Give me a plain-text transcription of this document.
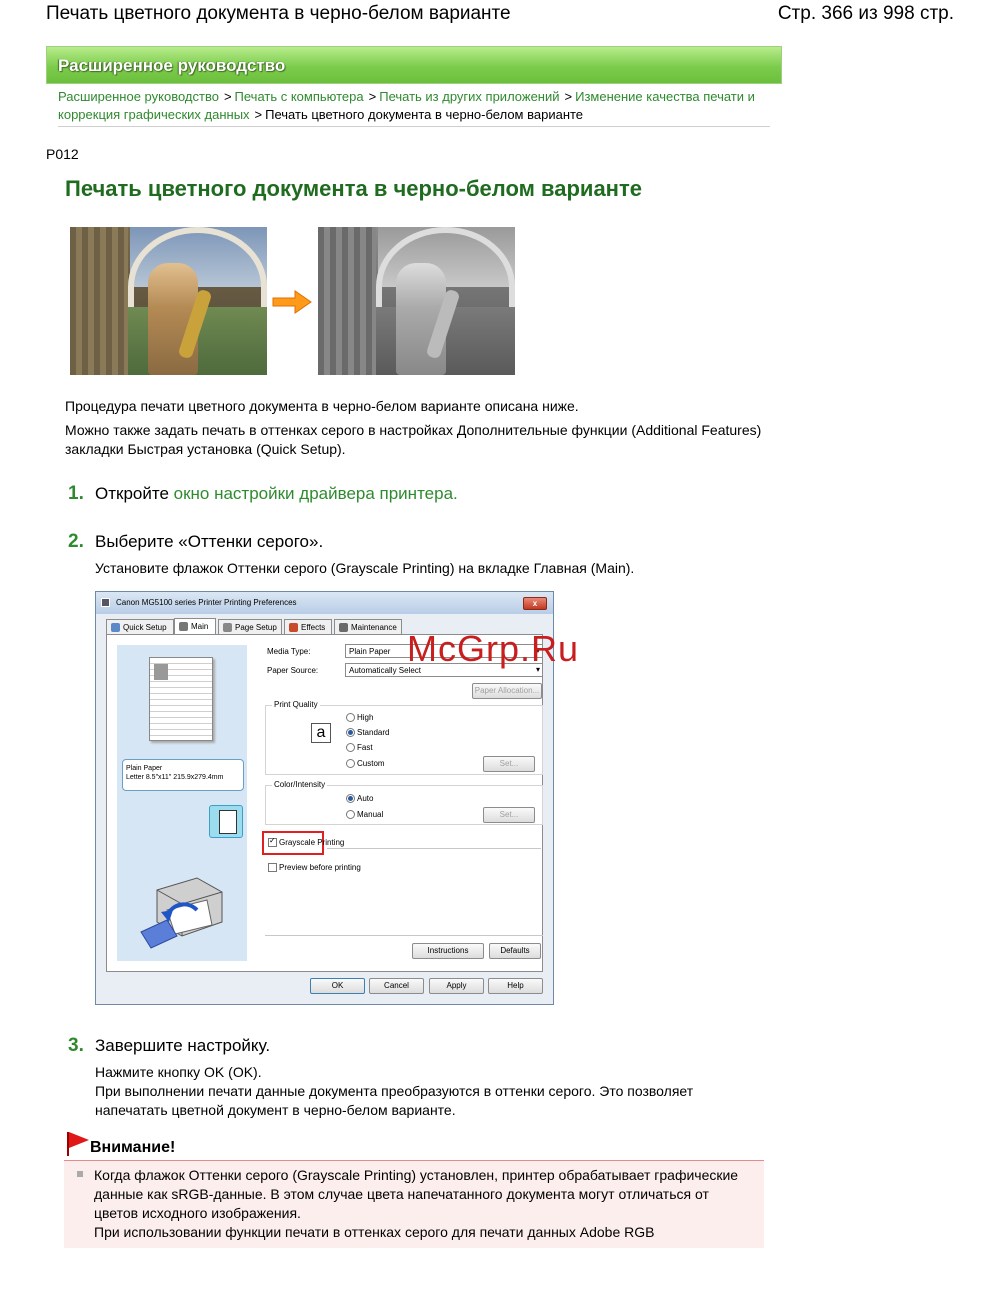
Печать цветного документа в черно-белом варианте	Стр. 366 из 998 стр.
Расширенное руководство
Расширенное руководство > Печать с компьютера > Печать из других приложений > Изменение качества печати и коррекция графических данных > Печать цветного документа в черно-белом варианте
P012
Печать цветного документа в черно-белом варианте
Процедура печати цветного документа в черно-белом варианте описана ниже.
Можно также задать печать в оттенках серого в настройках Дополнительные функции (Additional Features) закладки Быстрая установка (Quick Setup).
1. Откройте окно настройки драйвера принтера.
2. Выберите «Оттенки серого».
Установите флажок Оттенки серого (Grayscale Printing) на вкладке Главная (Main).
Canon MG5100 series Printer Printing Preferences	x
Quick Setup	Main	Page Setup	Effects	Maintenance
Plain Paper
Letter 8.5"x11" 215.9x279.4mm
Media Type:	Plain Paper ▾
Paper Source:	Automatically Select ▾
Paper Allocation...
Print Quality
a
High
Standard
Fast
Custom	Set...
Color/Intensity
Auto
Manual	Set...
Grayscale Printing ✓
Preview before printing
Instructions	Defaults
OK	Cancel	Apply	Help
McGrp.Ru
3. Завершите настройку.
Нажмите кнопку OK (OK).
При выполнении печати данные документа преобразуются в оттенки серого. Это позволяет напечатать цветной документ в черно-белом варианте.
Внимание!
Когда флажок Оттенки серого (Grayscale Printing) установлен, принтер обрабатывает графические данные как sRGB-данные. В этом случае цвета напечатанного документа могут отличаться от цветов исходного изображения.
При использовании функции печати в оттенках серого для печати данных Adobe RGB
